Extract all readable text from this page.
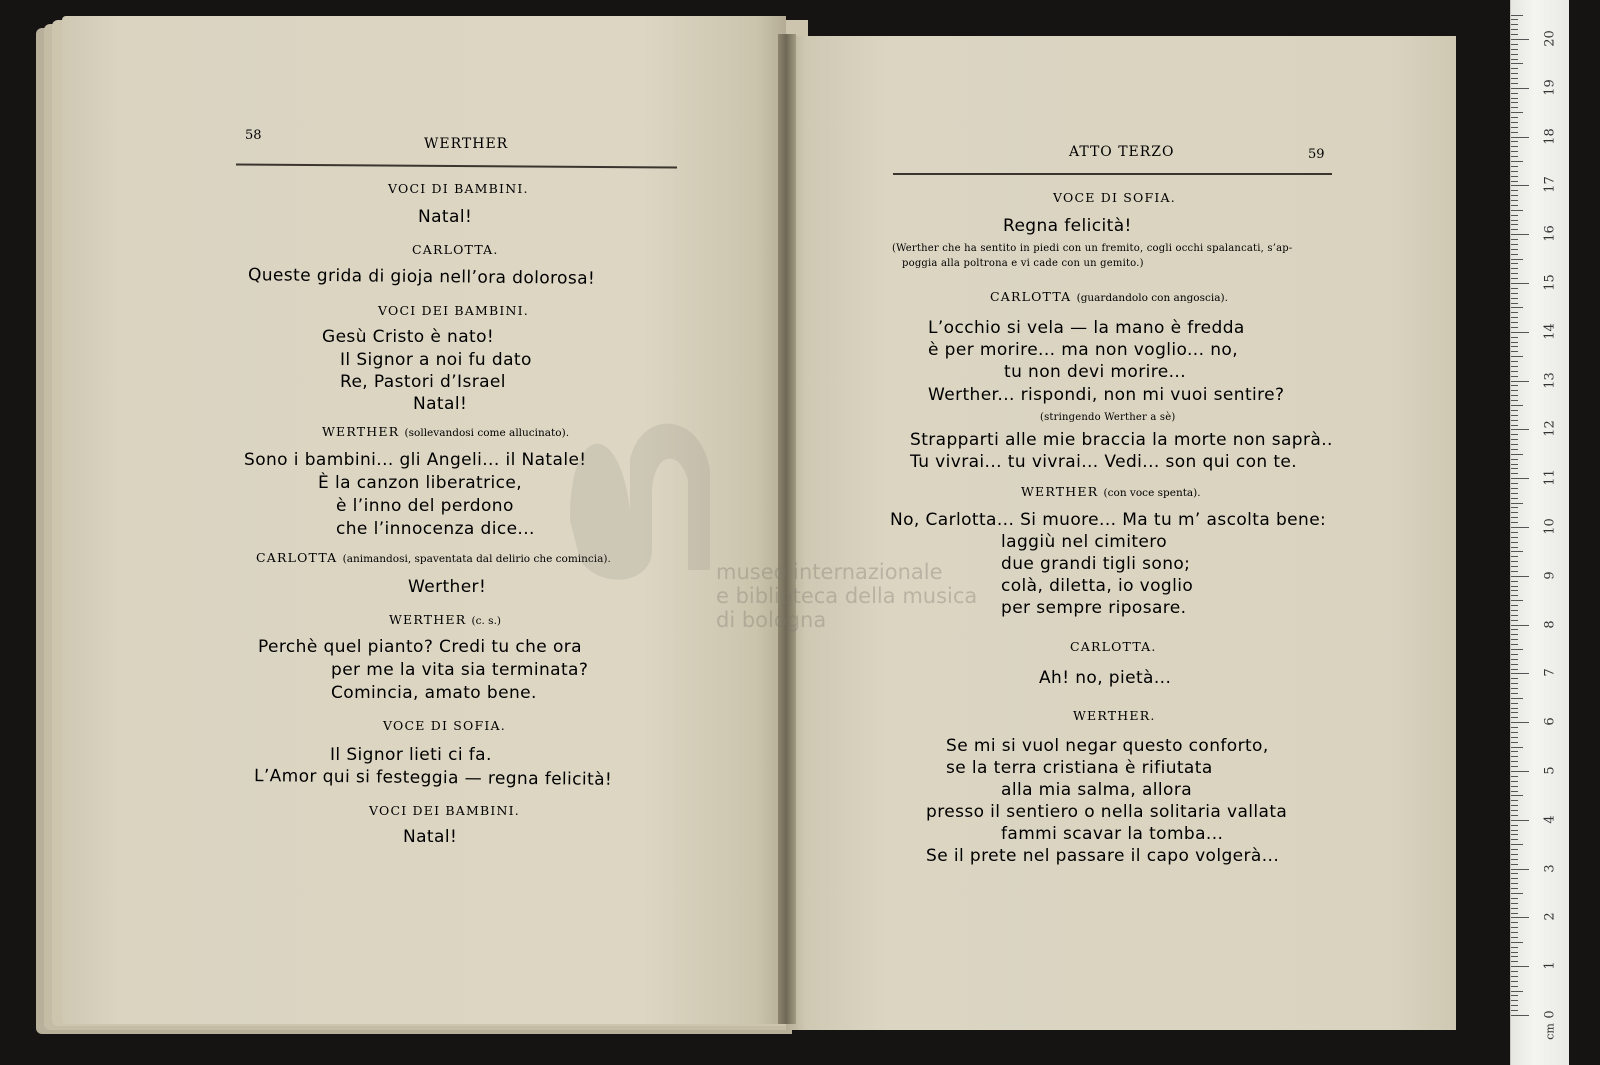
58
WERTHER
VOCI DI BAMBINI.
Natal!
CARLOTTA.
Queste grida di gioja nell’ora dolorosa!
VOCI DEI BAMBINI.
Gesù Cristo è nato!
Il Signor a noi fu dato
Re, Pastori d’Israel
Natal!
WERTHER (sollevandosi come allucinato).
Sono i bambini... gli Angeli... il Natale!
È la canzon liberatrice,
è l’inno del perdono
che l’innocenza dice...
CARLOTTA (animandosi, spaventata dal delirio che comincia).
Werther!
WERTHER (c. s.)
Perchè quel pianto? Credi tu che ora
per me la vita sia terminata?
Comincia, amato bene.
VOCE DI SOFIA.
Il Signor lieti ci fa.
L’Amor qui si festeggia — regna felicità!
VOCI DEI BAMBINI.
Natal!
ATTO TERZO	59
VOCE DI SOFIA.
Regna felicità!
(Werther che ha sentito in piedi con un fremito, cogli occhi spalancati, s’ap-
poggia alla poltrona e vi cade con un gemito.)
CARLOTTA (guardandolo con angoscia).
L’occhio si vela — la mano è fredda
è per morire... ma non voglio... no,
tu non devi morire...
Werther... rispondi, non mi vuoi sentire?
(stringendo Werther a sè)
Strapparti alle mie braccia la morte non saprà..
Tu vivrai... tu vivrai... Vedi... son qui con te.
WERTHER (con voce spenta).
No, Carlotta... Si muore... Ma tu m’ ascolta bene:
laggiù nel cimitero
due grandi tigli sono;
colà, diletta, io voglio
per sempre riposare.
CARLOTTA.
Ah! no, pietà...
WERTHER.
Se mi si vuol negar questo conforto,
se la terra cristiana è rifiutata
alla mia salma, allora
presso il sentiero o nella solitaria vallata
fammi scavar la tomba...
Se il prete nel passare il capo volgerà...
museo internazionale
e biblioteca della musica
di bologna
cm
0
1
2
3
4
5
6
7
8
9
10
11
12
13
14
15
16
17
18
19
20
